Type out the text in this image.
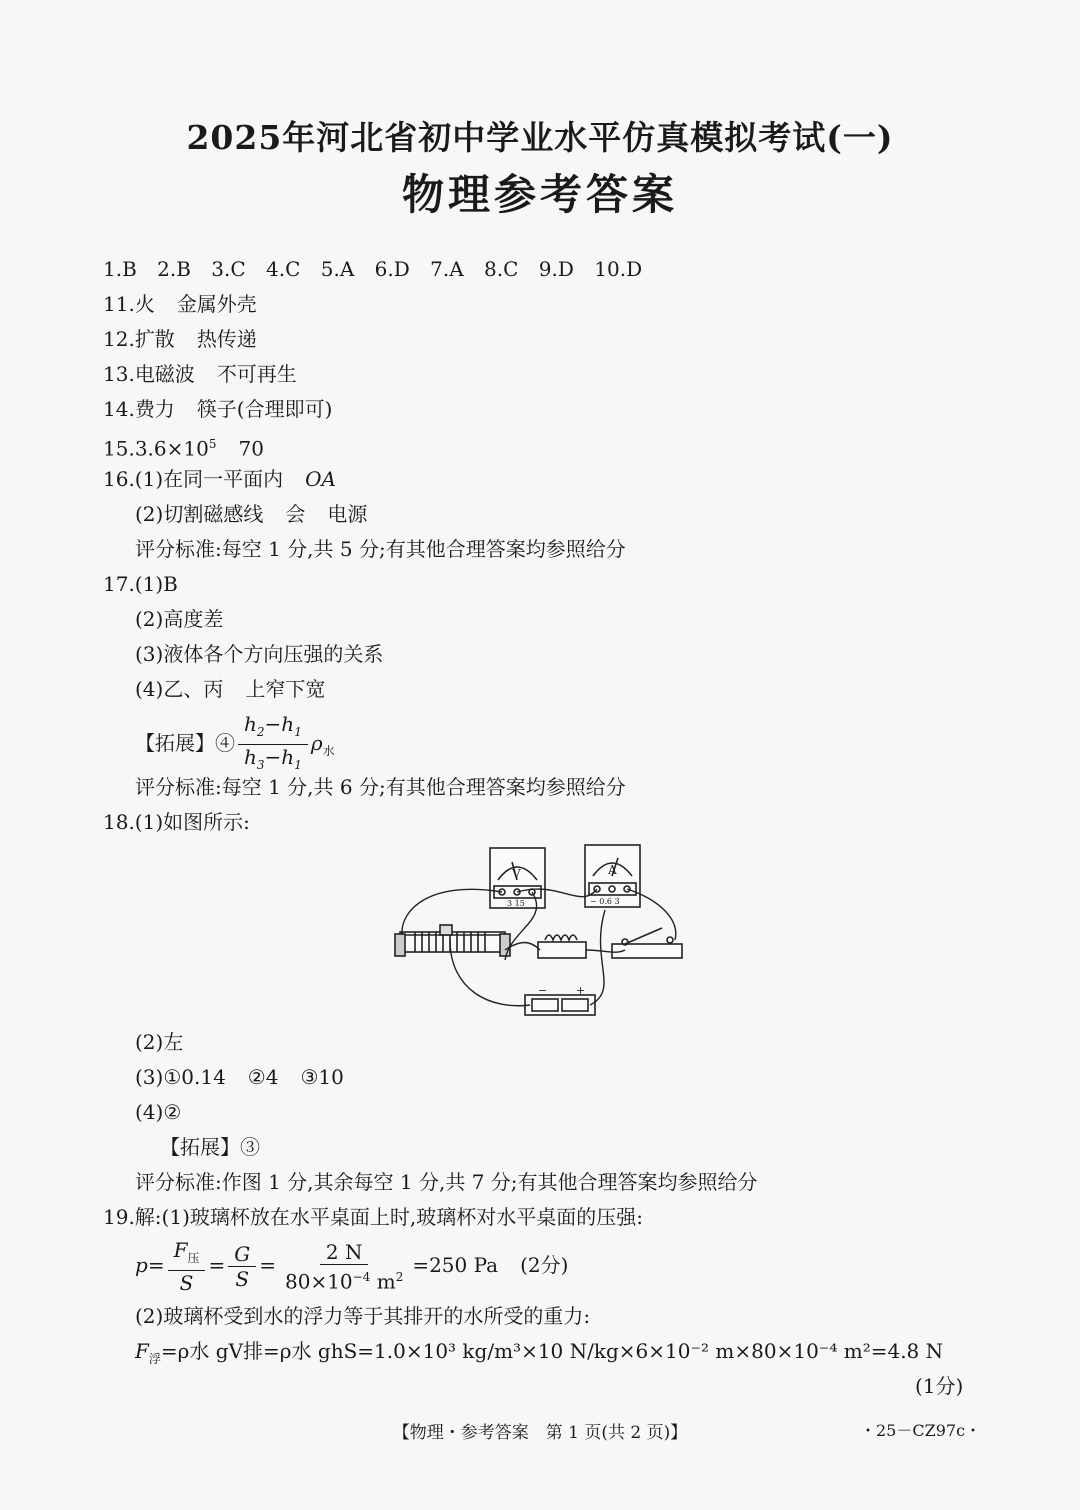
2025年河北省初中学业水平仿真模拟考试(一)
物理参考答案
1.B 2.B 3.C 4.C 5.A 6.D 7.A 8.C 9.D 10.D
11.火 金属外壳
12.扩散 热传递
13.电磁波 不可再生
14.费力 筷子(合理即可)
$15.3.6\times 10^5$ 70
16.(1)在同一平面内 OA
(2)切割磁感线 会 电源
评分标准:每空 1 分,共 5 分;有其他合理答案均参照给分
17.(1)B
(2)高度差
(3)液体各个方向压强的关系
(4)乙、丙 上窄下宽
【拓展】④ $\frac{h_2-h_1}{h_3-h_1} \rho_水$
评分标准:每空 1 分,共 6 分;有其他合理答案均参照给分
18.(1)如图所示:
V
3 15
A
− 0.6 3
−	+
(2)左
(3)①0.14 ②4 ③10
(4)②
【拓展】③
评分标准:作图 1 分,其余每空 1 分,共 7 分;有其他合理答案均参照给分
19.解:(1)玻璃杯放在水平桌面上时,玻璃杯对水平桌面的压强:
$p= \frac{F_压}{S} = \frac{G}{S} = \frac{2 N}{80\times 10^{-4} m^2} =250$ Pa (2分)
(2)玻璃杯受到水的浮力等于其排开的水所受的重力:
$F_浮=\rho$水 gV排=ρ水 ghS=1.0×10³ kg/m³×10 N/kg×6×10⁻² m×80×10⁻⁴ m²=4.8 N
(1分)
【物理・参考答案　第 1 页(共 2 页)】	・25－CZ97c・
